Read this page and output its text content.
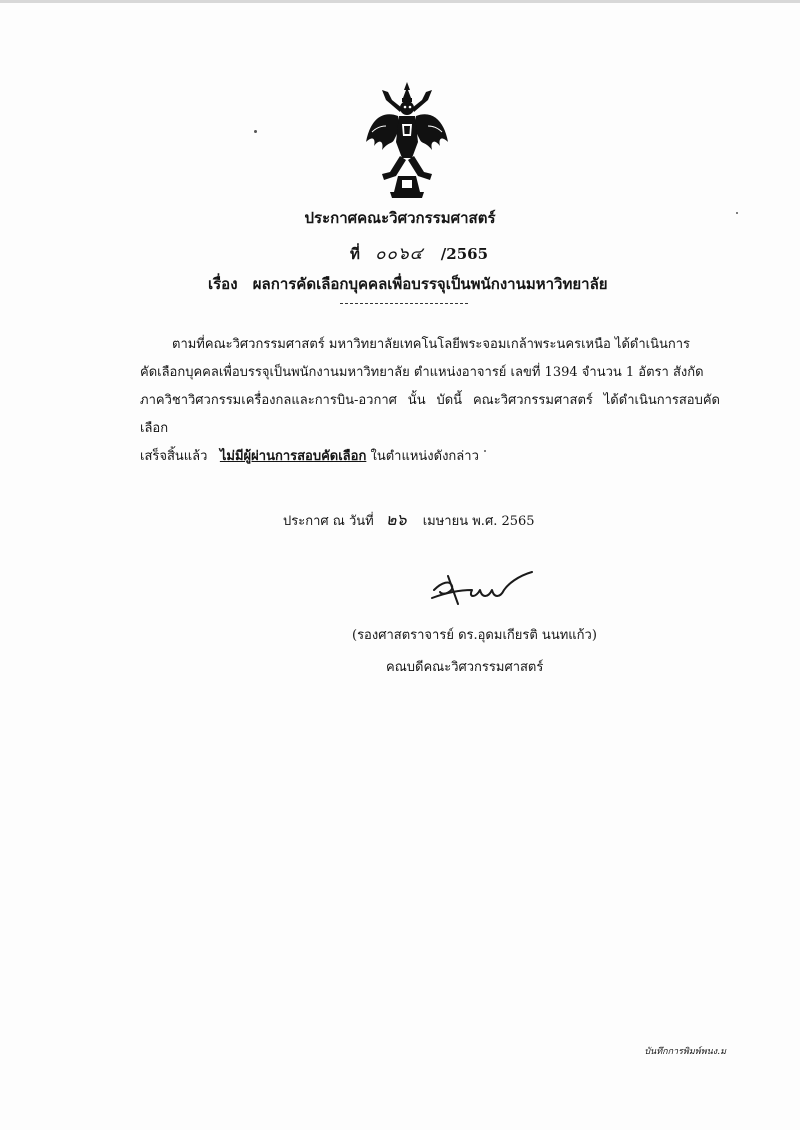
ประกาศคณะวิศวกรรมศาสตร์
ที่ ๐๐๖๔ /2565
เรื่อง ผลการคัดเลือกบุคคลเพื่อบรรจุเป็นพนักงานมหาวิทยาลัย

ตามที่คณะวิศวกรรมศาสตร์ มหาวิทยาลัยเทคโนโลยีพระจอมเกล้าพระนครเหนือ ได้ดำเนินการ

คัดเลือกบุคคลเพื่อบรรจุเป็นพนักงานมหาวิทยาลัย ตำแหน่งอาจารย์ เลขที่ 1394 จำนวน 1 อัตรา สังกัด

ภาควิชาวิศวกรรมเครื่องกลและการบิน-อวกาศ นั้น บัดนี้ คณะวิศวกรรมศาสตร์ ได้ดำเนินการสอบคัดเลือก

เสร็จสิ้นแล้ว ไม่มีผู้ผ่านการสอบคัดเลือก ในตำแหน่งดังกล่าว

ประกาศ ณ วันที่ ๒๖ เมษายน พ.ศ. 2565
(รองศาสตราจารย์ ดร.อุดมเกียรติ นนทแก้ว)
คณบดีคณะวิศวกรรมศาสตร์
บันทึกการพิมพ์พนง.ม
